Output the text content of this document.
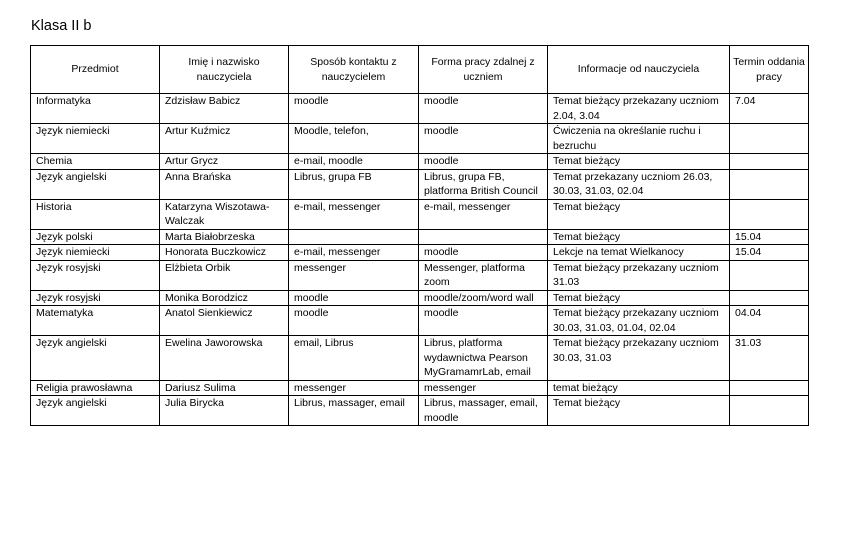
Klasa II b
Przedmiot	Imię i nazwisko nauczyciela	Sposób kontaktu z nauczycielem	Forma pracy zdalnej z uczniem	Informacje od nauczyciela	Termin oddania pracy
Informatyka	Zdzisław Babicz	moodle	moodle	Temat bieżący przekazany uczniom 2.04, 3.04	7.04
Język niemiecki	Artur Kuźmicz	Moodle, telefon,	moodle	Ćwiczenia na określanie ruchu i bezruchu	
Chemia	Artur Grycz	e-mail, moodle	moodle	Temat bieżący	
Język angielski	Anna Brańska	Librus, grupa FB	Librus, grupa FB, platforma British Council	Temat przekazany uczniom 26.03, 30.03, 31.03, 02.04	
Historia	Katarzyna Wiszotawa-Walczak	e-mail, messenger	e-mail, messenger	Temat bieżący	
Język polski	Marta Białobrzeska			Temat bieżący	15.04
Język niemiecki	Honorata Buczkowicz	e-mail, messenger	moodle	Lekcje na temat Wielkanocy	15.04
Język rosyjski	Elżbieta Orbik	messenger	Messenger, platforma zoom	Temat bieżący przekazany uczniom 31.03	
Język rosyjski	Monika Borodzicz	moodle	moodle/zoom/word wall	Temat bieżący	
Matematyka	Anatol Sienkiewicz	moodle	moodle	Temat bieżący przekazany uczniom 30.03, 31.03, 01.04, 02.04	04.04
Język angielski	Ewelina Jaworowska	email, Librus	Librus, platforma wydawnictwa Pearson MyGramamrLab, email	Temat bieżący przekazany uczniom 30.03, 31.03	31.03
Religia prawosławna	Dariusz Sulima	messenger	messenger	temat bieżący	
Język angielski	Julia Birycka	Librus, massager, email	Librus, massager, email, moodle	Temat bieżący	
